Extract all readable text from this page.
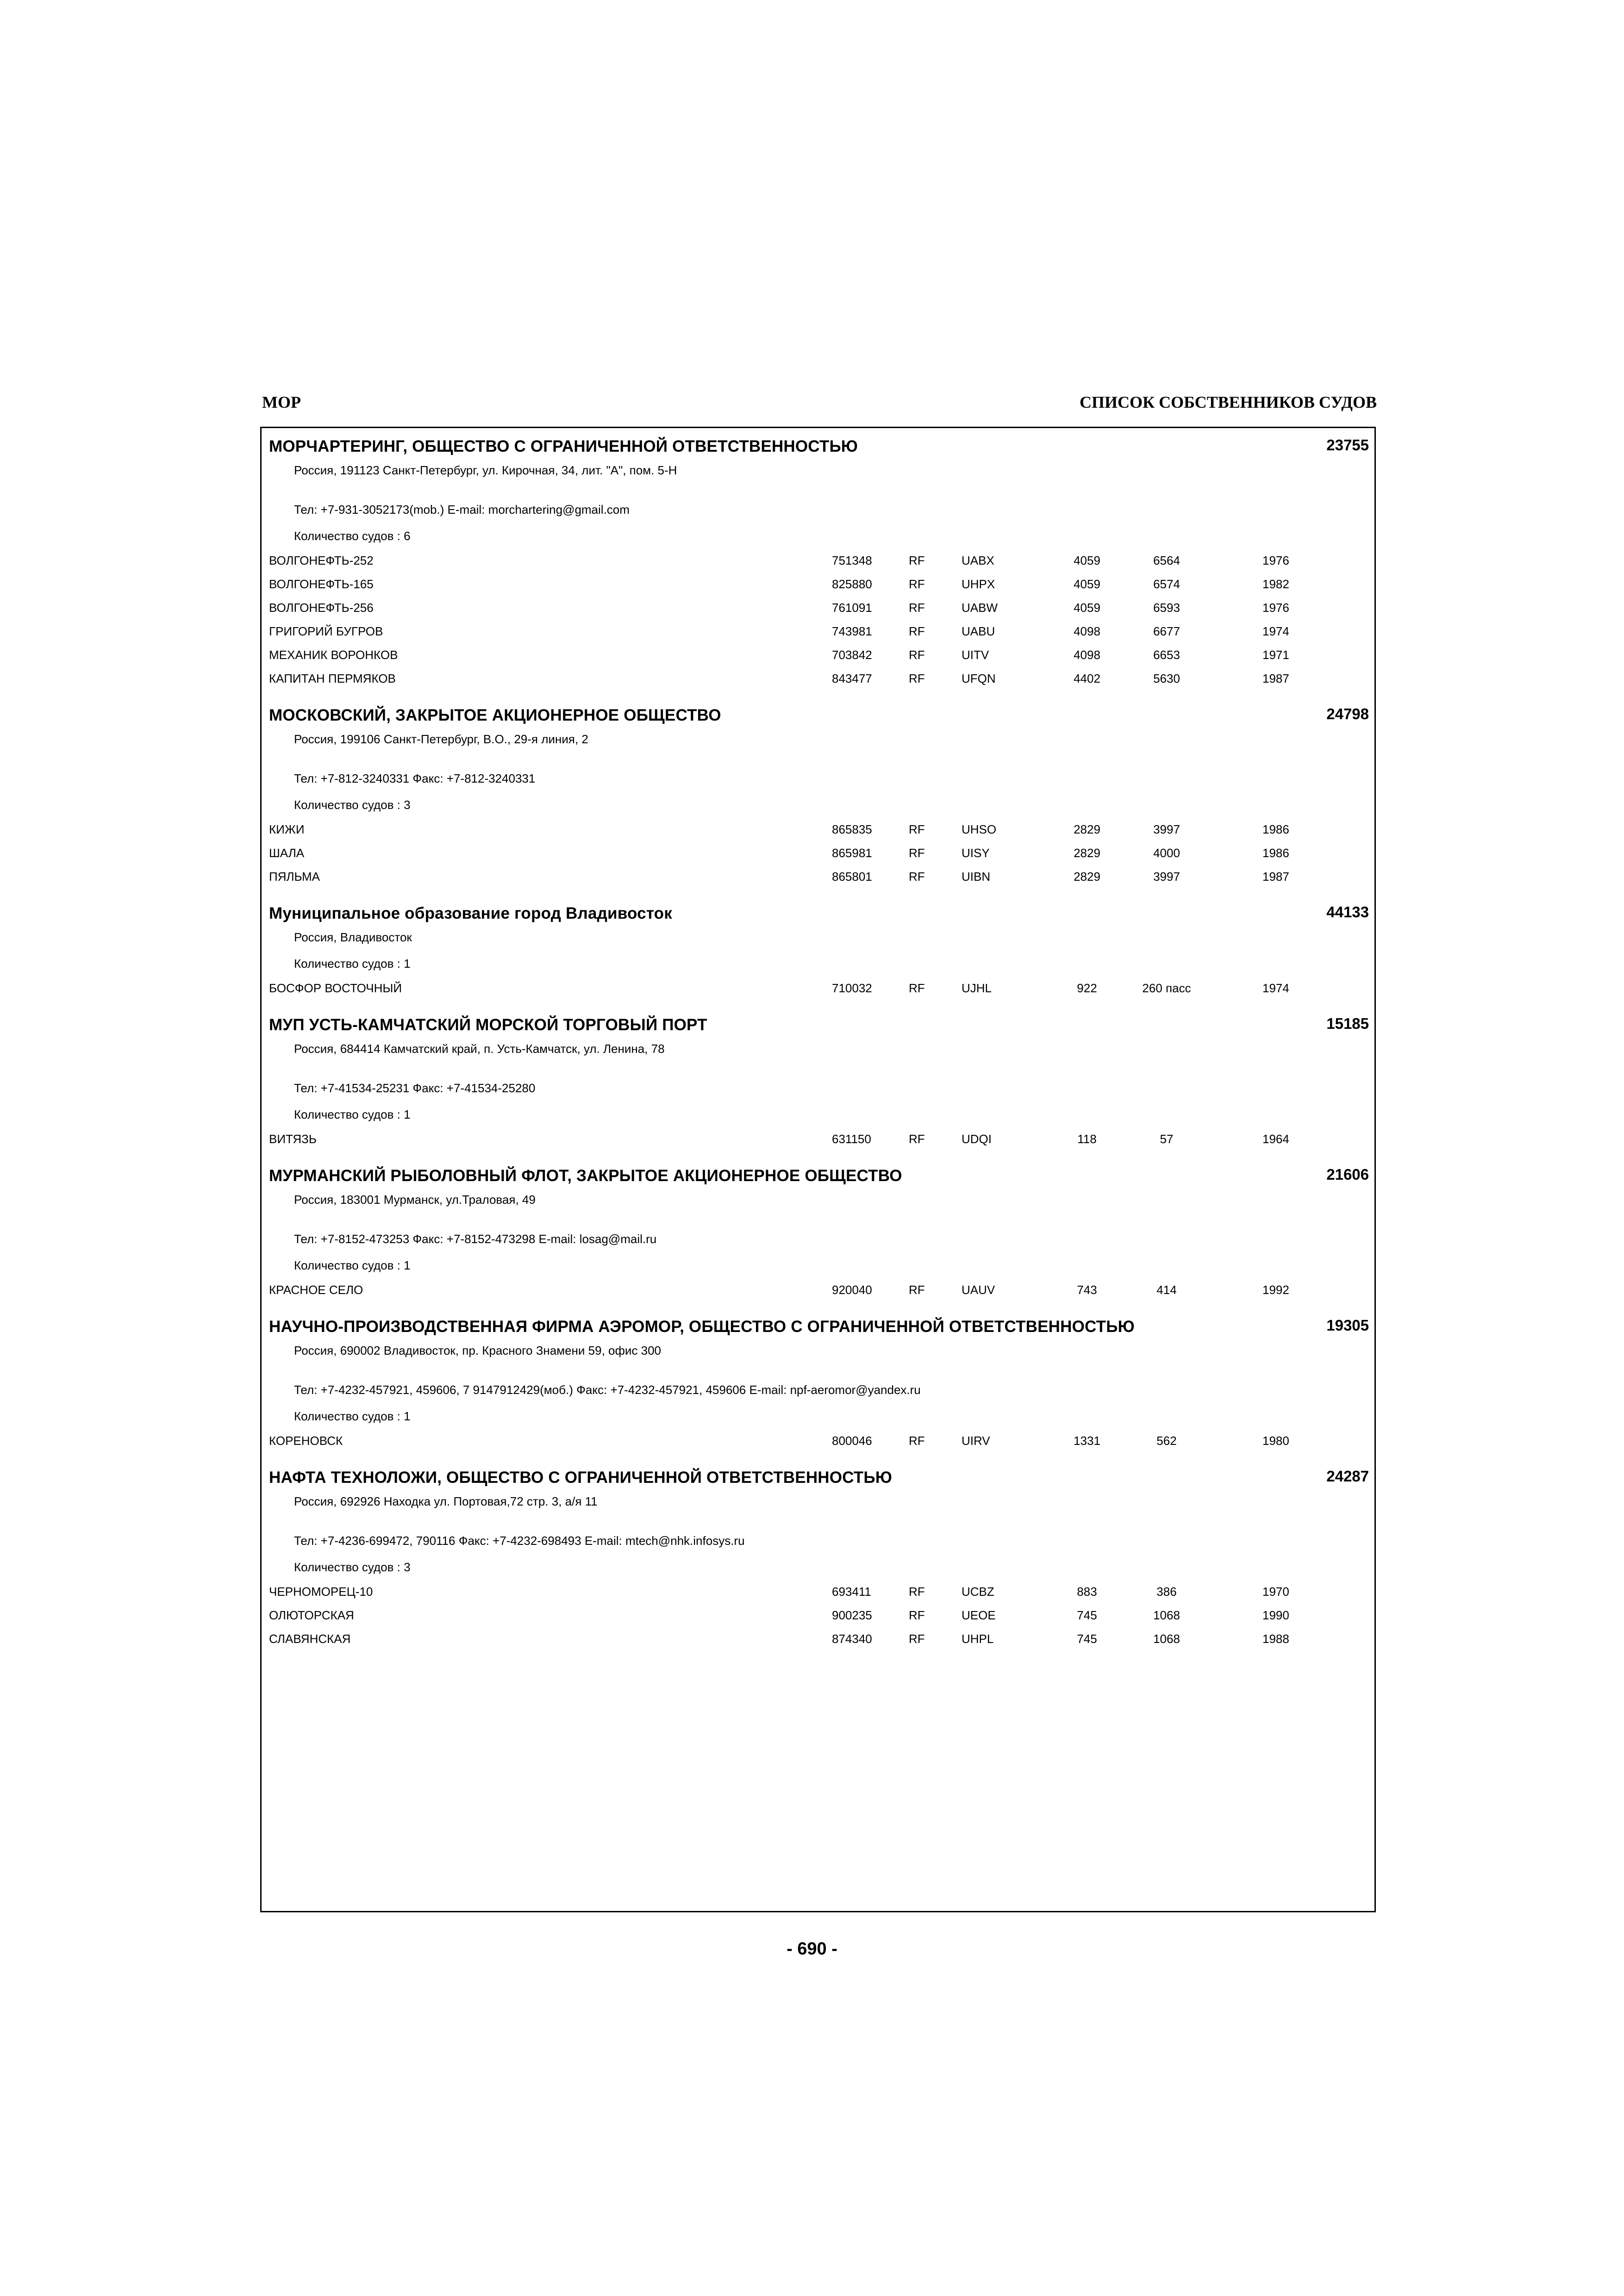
МОР	СПИСОК СОБСТВЕННИКОВ СУДОВ
МОРЧАРТЕРИНГ, ОБЩЕСТВО С ОГРАНИЧЕННОЙ ОТВЕТСТВЕННОСТЬЮ	23755
Россия, 191123 Санкт-Петербург, ул. Кирочная, 34, лит. "А", пом. 5-Н
Тел: +7-931-3052173(mob.) E-mail: morchartering@gmail.com
Количество судов : 6
ВОЛГОНЕФТЬ-252	751348	RF	UABX	4059	6564	1976
ВОЛГОНЕФТЬ-165	825880	RF	UHPX	4059	6574	1982
ВОЛГОНЕФТЬ-256	761091	RF	UABW	4059	6593	1976
ГРИГОРИЙ БУГРОВ	743981	RF	UABU	4098	6677	1974
МЕХАНИК ВОРОНКОВ	703842	RF	UITV	4098	6653	1971
КАПИТАН ПЕРМЯКОВ	843477	RF	UFQN	4402	5630	1987
МОСКОВСКИЙ, ЗАКРЫТОЕ АКЦИОНЕРНОЕ ОБЩЕСТВО	24798
Россия, 199106 Санкт-Петербург, В.О., 29-я линия, 2
Тел: +7-812-3240331 Факс: +7-812-3240331
Количество судов : 3
КИЖИ	865835	RF	UHSO	2829	3997	1986
ШАЛА	865981	RF	UISY	2829	4000	1986
ПЯЛЬМА	865801	RF	UIBN	2829	3997	1987
Муниципальное образование город Владивосток	44133
Россия, Владивосток
Количество судов : 1
БОСФОР ВОСТОЧНЫЙ	710032	RF	UJHL	922	260 пасс	1974
МУП УСТЬ-КАМЧАТСКИЙ МОРСКОЙ ТОРГОВЫЙ ПОРТ	15185
Россия, 684414 Камчатский край, п. Усть-Камчатск, ул. Ленина, 78
Тел: +7-41534-25231 Факс: +7-41534-25280
Количество судов : 1
ВИТЯЗЬ	631150	RF	UDQI	118	57	1964
МУРМАНСКИЙ РЫБОЛОВНЫЙ ФЛОТ, ЗАКРЫТОЕ АКЦИОНЕРНОЕ ОБЩЕСТВО	21606
Россия, 183001 Мурманск, ул.Траловая, 49
Тел: +7-8152-473253 Факс: +7-8152-473298 E-mail: losag@mail.ru
Количество судов : 1
КРАСНОЕ СЕЛО	920040	RF	UAUV	743	414	1992
НАУЧНО-ПРОИЗВОДСТВЕННАЯ ФИРМА АЭРОМОР, ОБЩЕСТВО С ОГРАНИЧЕННОЙ ОТВЕТСТВЕННОСТЬЮ	19305
Россия, 690002 Владивосток, пр. Красного Знамени 59, офис 300
Тел: +7-4232-457921, 459606, 7 9147912429(моб.) Факс: +7-4232-457921, 459606 E-mail: npf-aeromor@yandex.ru
Количество судов : 1
КОРЕНОВСК	800046	RF	UIRV	1331	562	1980
НАФТА ТЕХНОЛОЖИ, ОБЩЕСТВО С ОГРАНИЧЕННОЙ ОТВЕТСТВЕННОСТЬЮ	24287
Россия, 692926 Находка ул. Портовая,72 стр. 3, а/я 11
Тел: +7-4236-699472, 790116 Факс: +7-4232-698493 E-mail: mtech@nhk.infosys.ru
Количество судов : 3
ЧЕРНОМОРЕЦ-10	693411	RF	UCBZ	883	386	1970
ОЛЮТОРСКАЯ	900235	RF	UEOE	745	1068	1990
СЛАВЯНСКАЯ	874340	RF	UHPL	745	1068	1988
- 690 -
